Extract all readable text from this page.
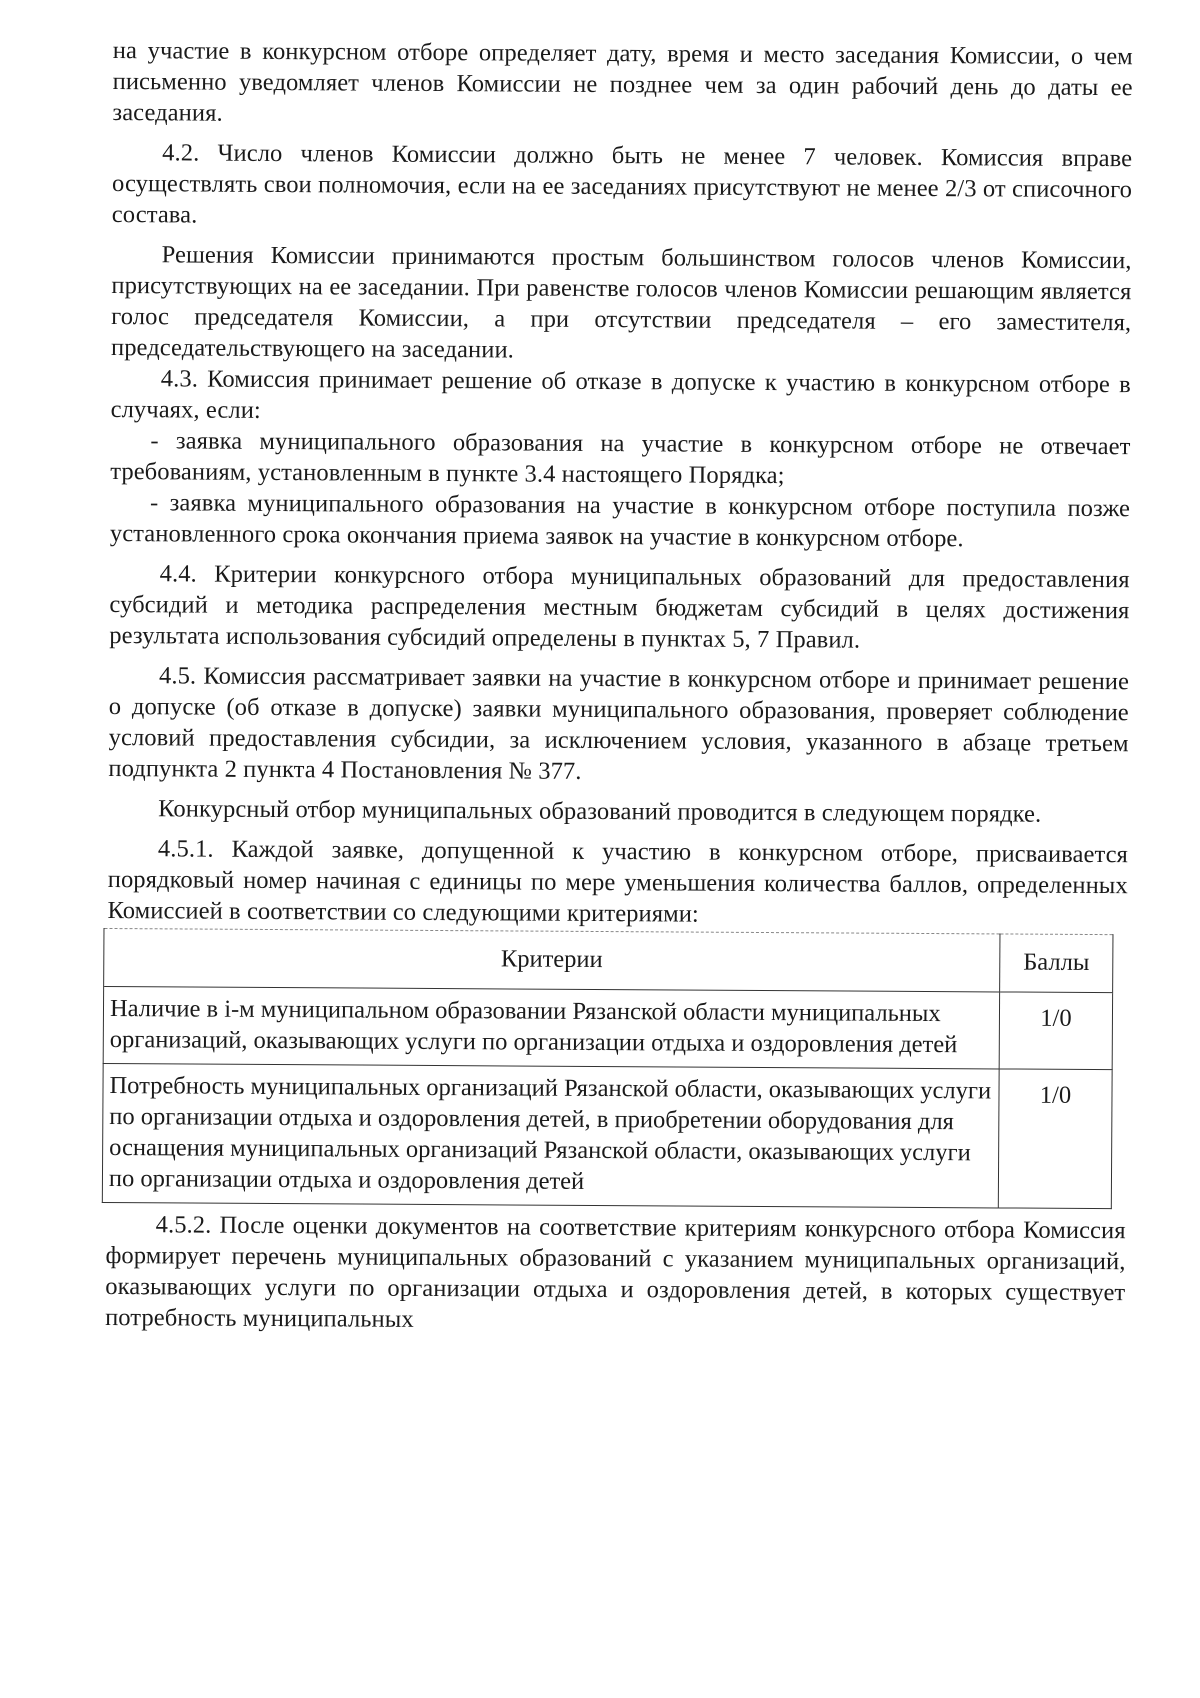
на участие в конкурсном отборе определяет дату, время и место заседания Комиссии, о чем письменно уведомляет членов Комиссии не позднее чем за один рабочий день до даты ее заседания.

4.2. Число членов Комиссии должно быть не менее 7 человек. Комиссия вправе осуществлять свои полномочия, если на ее заседаниях присутствуют не менее 2/3 от списочного состава.

Решения Комиссии принимаются простым большинством голосов членов Комиссии, присутствующих на ее заседании. При равенстве голосов членов Комиссии решающим является голос председателя Комиссии, а при отсутствии председателя – его заместителя, председательствующего на заседании.

4.3. Комиссия принимает решение об отказе в допуске к участию в конкурсном отборе в случаях, если:

- заявка муниципального образования на участие в конкурсном отборе не отвечает требованиям, установленным в пункте 3.4 настоящего Порядка;

- заявка муниципального образования на участие в конкурсном отборе поступила позже установленного срока окончания приема заявок на участие в конкурсном отборе.

4.4. Критерии конкурсного отбора муниципальных образований для предоставления субсидий и методика распределения местным бюджетам субсидий в целях достижения результата использования субсидий определены в пунктах 5, 7 Правил.

4.5. Комиссия рассматривает заявки на участие в конкурсном отборе и принимает решение о допуске (об отказе в допуске) заявки муниципального образования, проверяет соблюдение условий предоставления субсидии, за исключением условия, указанного в абзаце третьем подпункта 2 пункта 4 Постановления № 377.

Конкурсный отбор муниципальных образований проводится в следующем порядке.

4.5.1. Каждой заявке, допущенной к участию в конкурсном отборе, присваивается порядковый номер начиная с единицы по мере уменьшения количества баллов, определенных Комиссией в соответствии со следующими критериями:

Критерии	Баллы
Наличие в i-м муниципальном образовании Рязанской области муниципальных организаций, оказывающих услуги по организации отдыха и оздоровления детей	1/0
Потребность муниципальных организаций Рязанской области, оказывающих услуги по организации отдыха и оздоровления детей, в приобретении оборудования для оснащения муниципальных организаций Рязанской области, оказывающих услуги по организации отдыха и оздоровления детей	1/0

4.5.2. После оценки документов на соответствие критериям конкурсного отбора Комиссия формирует перечень муниципальных образований с указанием муниципальных организаций, оказывающих услуги по организации отдыха и оздоровления детей, в которых существует потребность муниципальных
